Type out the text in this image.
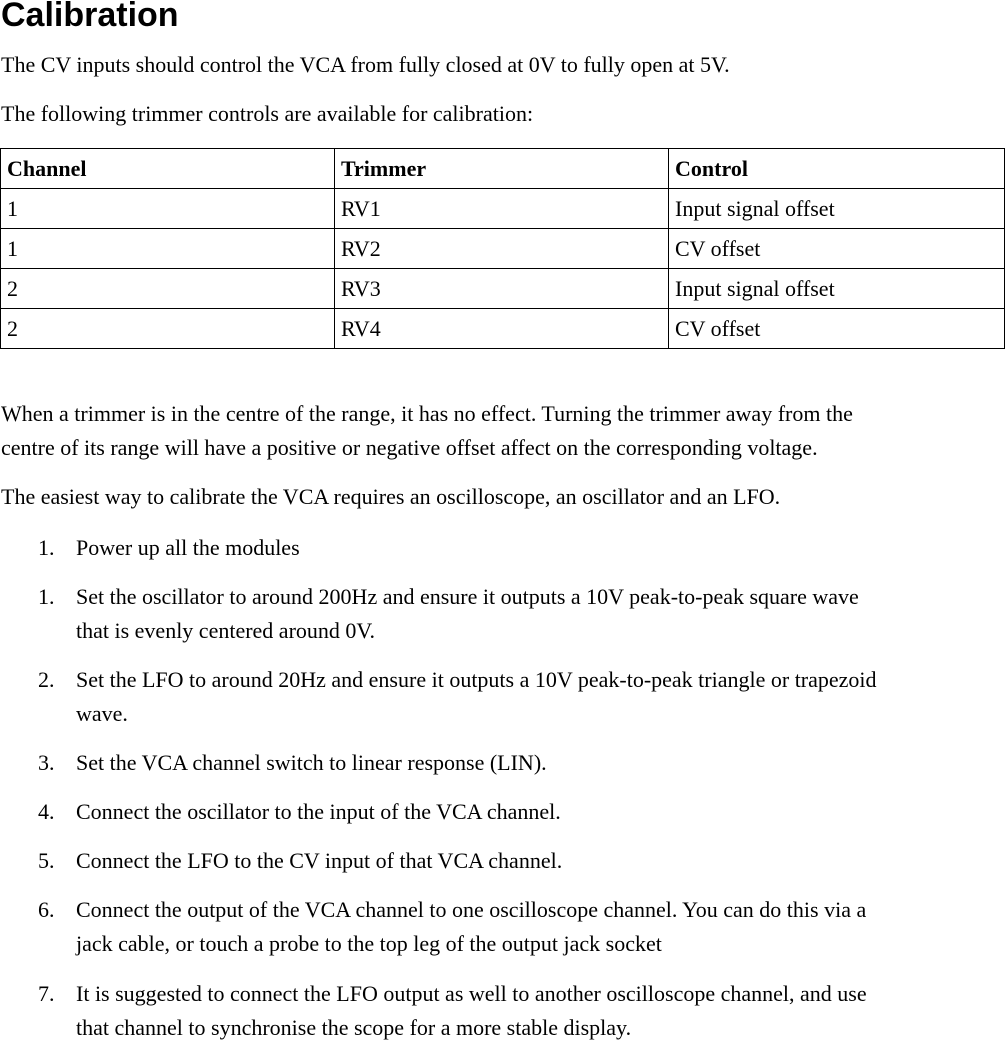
Calibration

The CV inputs should control the VCA from fully closed at 0V to fully open at 5V.

The following trimmer controls are available for calibration:

Channel	Trimmer	Control
1	RV1	Input signal offset
1	RV2	CV offset
2	RV3	Input signal offset
2	RV4	CV offset

When a trimmer is in the centre of the range, it has no effect. Turning the trimmer away from the

centre of its range will have a positive or negative offset affect on the corresponding voltage.

The easiest way to calibrate the VCA requires an oscilloscope, an oscillator and an LFO.

1. Power up all the modules
1. Set the oscillator to around 200Hz and ensure it outputs a 10V peak-to-peak square wave
that is evenly centered around 0V.
2. Set the LFO to around 20Hz and ensure it outputs a 10V peak-to-peak triangle or trapezoid
wave.
3. Set the VCA channel switch to linear response (LIN).
4. Connect the oscillator to the input of the VCA channel.
5. Connect the LFO to the CV input of that VCA channel.
6. Connect the output of the VCA channel to one oscilloscope channel. You can do this via a
jack cable, or touch a probe to the top leg of the output jack socket
7. It is suggested to connect the LFO output as well to another oscilloscope channel, and use
that channel to synchronise the scope for a more stable display.
